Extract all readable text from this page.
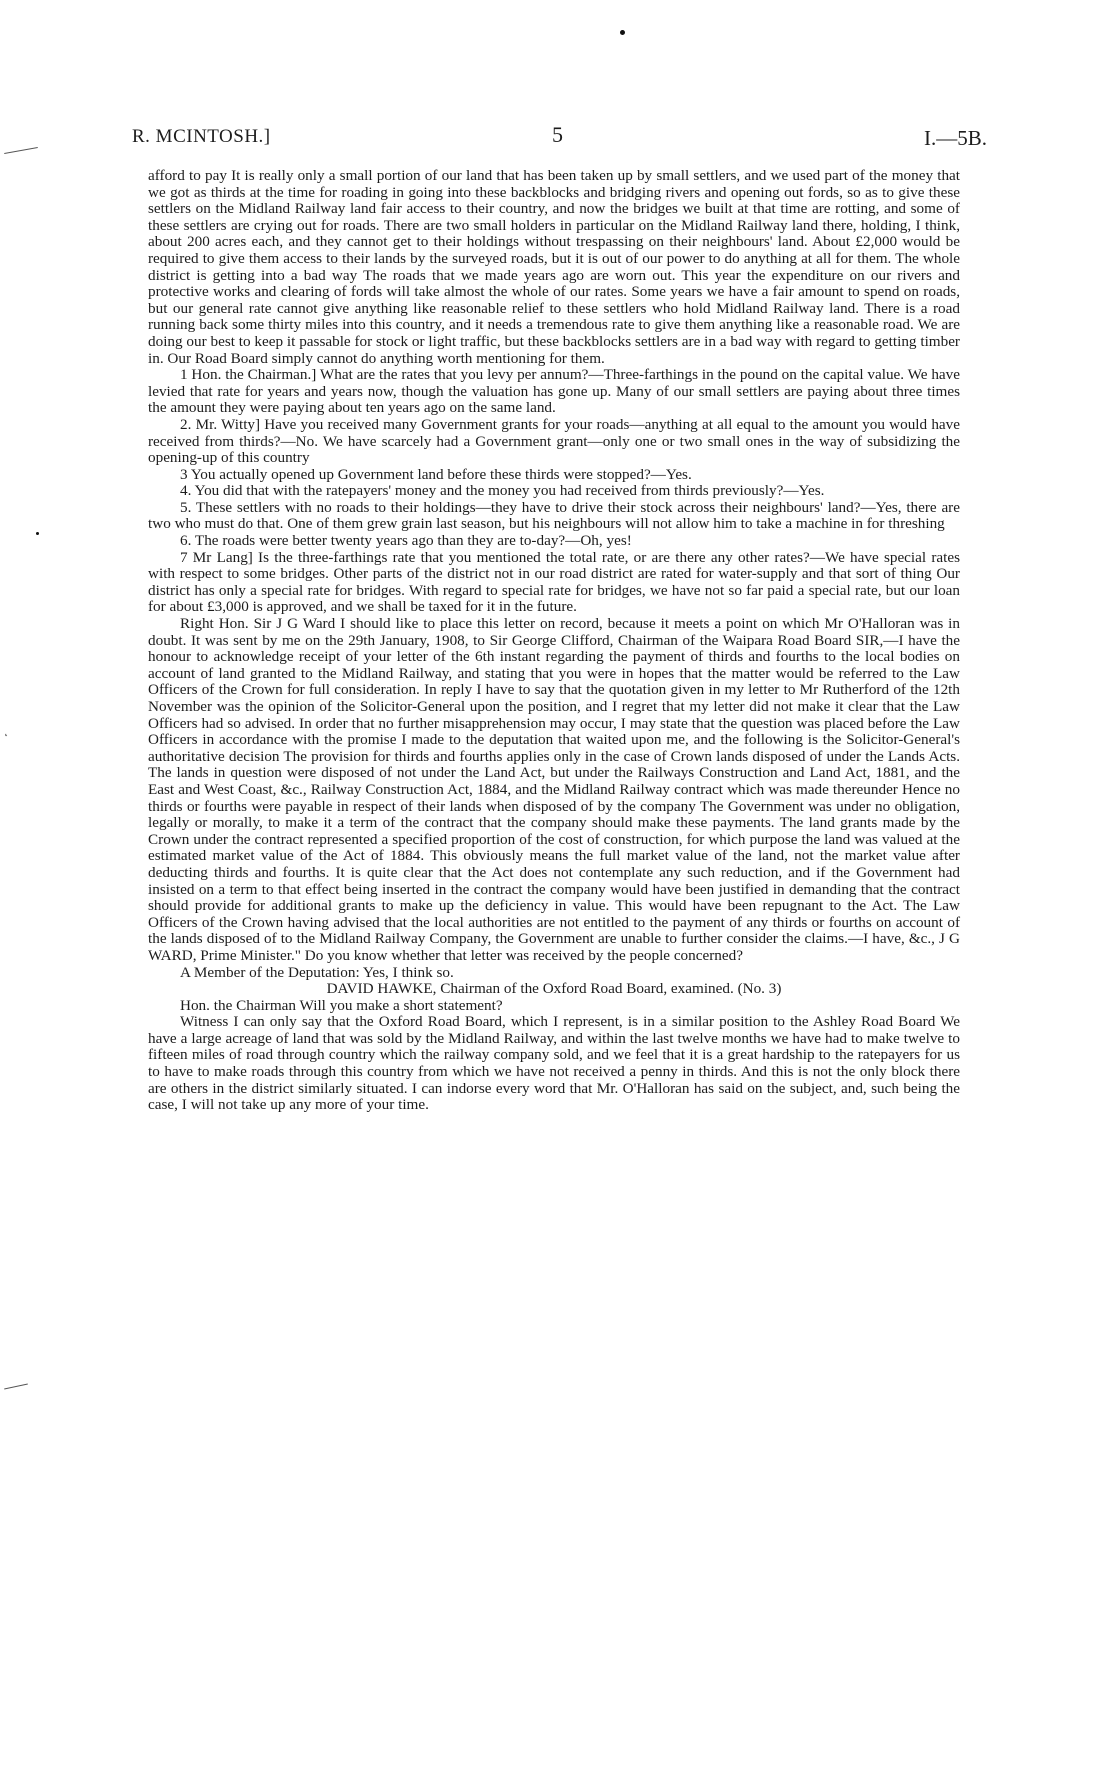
ͺ
R. MCINTOSH.]	5	I.—5B.

afford to pay It is really only a small portion of our land that has been taken up by small settlers, and we used part of the money that we got as thirds at the time for roading in going into these backblocks and bridging rivers and opening out fords, so as to give these settlers on the Midland Railway land fair access to their country, and now the bridges we built at that time are rotting, and some of these settlers are crying out for roads. There are two small holders in particular on the Midland Railway land there, holding, I think, about 200 acres each, and they cannot get to their holdings without trespassing on their neighbours' land. About £2,000 would be required to give them access to their lands by the surveyed roads, but it is out of our power to do anything at all for them. The whole district is getting into a bad way The roads that we made years ago are worn out. This year the expenditure on our rivers and protective works and clearing of fords will take almost the whole of our rates. Some years we have a fair amount to spend on roads, but our general rate cannot give anything like reasonable relief to these settlers who hold Midland Railway land. There is a road running back some thirty miles into this country, and it needs a tremendous rate to give them anything like a reasonable road. We are doing our best to keep it passable for stock or light traffic, but these backblocks settlers are in a bad way with regard to getting timber in. Our Road Board simply cannot do anything worth mentioning for them.

1 Hon. the Chairman.] What are the rates that you levy per annum?—Three-farthings in the pound on the capital value. We have levied that rate for years and years now, though the valuation has gone up. Many of our small settlers are paying about three times the amount they were paying about ten years ago on the same land.

2. Mr. Witty] Have you received many Government grants for your roads—anything at all equal to the amount you would have received from thirds?—No. We have scarcely had a Government grant—only one or two small ones in the way of subsidizing the opening-up of this country

3 You actually opened up Government land before these thirds were stopped?—Yes.

4. You did that with the ratepayers' money and the money you had received from thirds previously?—Yes.

5. These settlers with no roads to their holdings—they have to drive their stock across their neighbours' land?—Yes, there are two who must do that. One of them grew grain last season, but his neighbours will not allow him to take a machine in for threshing

6. The roads were better twenty years ago than they are to-day?—Oh, yes!

7 Mr Lang] Is the three-farthings rate that you mentioned the total rate, or are there any other rates?—We have special rates with respect to some bridges. Other parts of the district not in our road district are rated for water-supply and that sort of thing Our district has only a special rate for bridges. With regard to special rate for bridges, we have not so far paid a special rate, but our loan for about £3,000 is approved, and we shall be taxed for it in the future.

Right Hon. Sir J G Ward I should like to place this letter on record, because it meets a point on which Mr O'Halloran was in doubt. It was sent by me on the 29th January, 1908, to Sir George Clifford, Chairman of the Waipara Road Board SIR,—I have the honour to acknowledge receipt of your letter of the 6th instant regarding the payment of thirds and fourths to the local bodies on account of land granted to the Midland Railway, and stating that you were in hopes that the matter would be referred to the Law Officers of the Crown for full consideration. In reply I have to say that the quotation given in my letter to Mr Rutherford of the 12th November was the opinion of the Solicitor-General upon the position, and I regret that my letter did not make it clear that the Law Officers had so advised. In order that no further misapprehension may occur, I may state that the question was placed before the Law Officers in accordance with the promise I made to the deputation that waited upon me, and the following is the Solicitor-General's authoritative decision The provision for thirds and fourths applies only in the case of Crown lands disposed of under the Lands Acts. The lands in question were disposed of not under the Land Act, but under the Railways Construction and Land Act, 1881, and the East and West Coast, &c., Railway Construction Act, 1884, and the Midland Railway contract which was made thereunder Hence no thirds or fourths were payable in respect of their lands when disposed of by the company The Government was under no obligation, legally or morally, to make it a term of the contract that the company should make these payments. The land grants made by the Crown under the contract represented a specified proportion of the cost of construction, for which purpose the land was valued at the estimated market value of the Act of 1884. This obviously means the full market value of the land, not the market value after deducting thirds and fourths. It is quite clear that the Act does not contemplate any such reduction, and if the Government had insisted on a term to that effect being inserted in the contract the company would have been justified in demanding that the contract should provide for additional grants to make up the deficiency in value. This would have been repugnant to the Act. The Law Officers of the Crown having advised that the local authorities are not entitled to the payment of any thirds or fourths on account of the lands disposed of to the Midland Railway Company, the Government are unable to further consider the claims.—I have, &c., J G WARD, Prime Minister." Do you know whether that letter was received by the people concerned?

A Member of the Deputation: Yes, I think so.

DAVID HAWKE, Chairman of the Oxford Road Board, examined. (No. 3)

Hon. the Chairman Will you make a short statement?

Witness I can only say that the Oxford Road Board, which I represent, is in a similar position to the Ashley Road Board We have a large acreage of land that was sold by the Midland Railway, and within the last twelve months we have had to make twelve to fifteen miles of road through country which the railway company sold, and we feel that it is a great hardship to the ratepayers for us to have to make roads through this country from which we have not received a penny in thirds. And this is not the only block there are others in the district similarly situated. I can indorse every word that Mr. O'Halloran has said on the subject, and, such being the case, I will not take up any more of your time.
